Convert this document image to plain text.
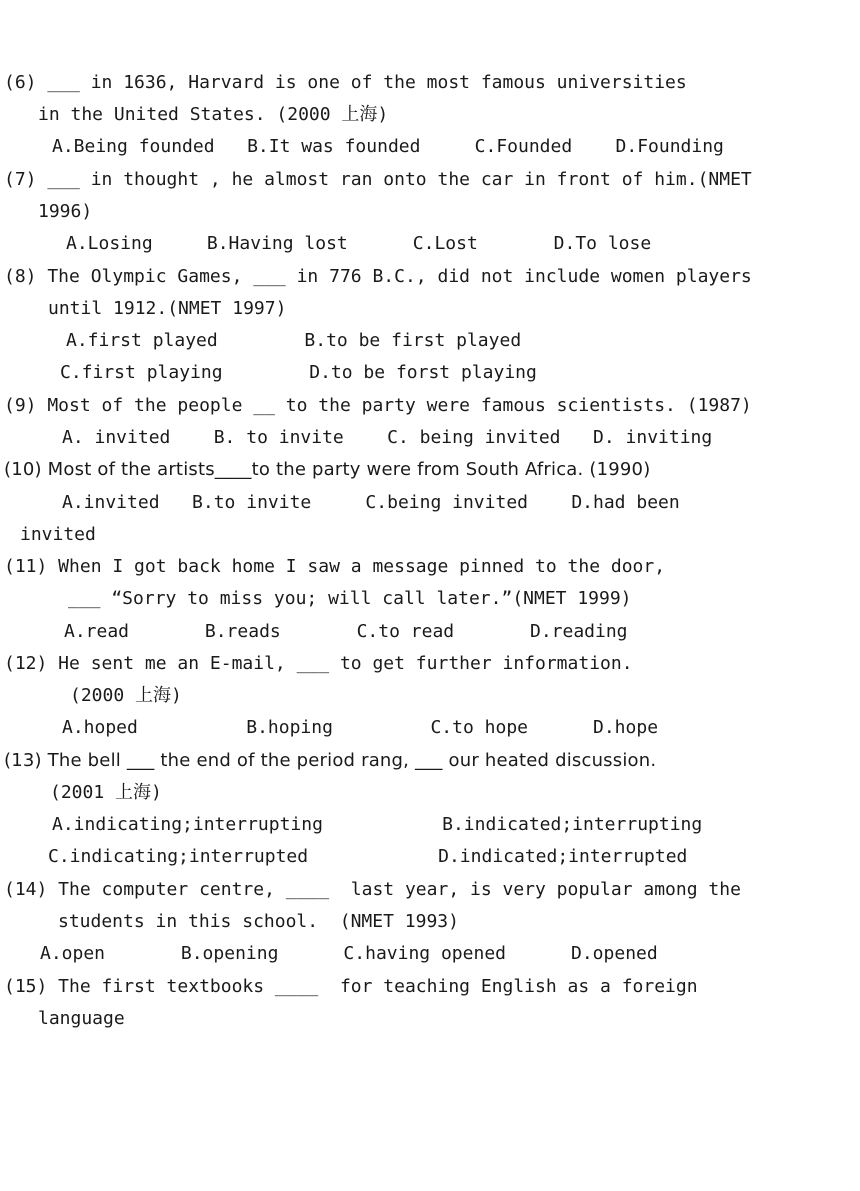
(6) ___ in 1636, Harvard is one of the most famous universities
in the United States. (2000 上海)
A.Being founded   B.It was founded     C.Founded    D.Founding
(7) ___ in thought , he almost ran onto the car in front of him.(NMET
1996)
A.Losing     B.Having lost      C.Lost       D.To lose
(8) The Olympic Games, ___ in 776 B.C., did not include women players
until 1912.(NMET 1997)
A.first played        B.to be first played
C.first playing        D.to be forst playing
(9) Most of the people __ to the party were famous scientists. (1987)
A. invited    B. to invite    C. being invited   D. inviting
(10) Most of the artists____to the party were from South Africa. (1990)
A.invited   B.to invite     C.being invited    D.had been
invited
(11) When I got back home I saw a message pinned to the door,
___ “Sorry to miss you; will call later.”(NMET 1999)
A.read       B.reads       C.to read       D.reading
(12) He sent me an E-mail, ___ to get further information.
(2000 上海)
A.hoped          B.hoping         C.to hope      D.hope
(13) The bell ___ the end of the period rang, ___ our heated discussion.
(2001 上海)
A.indicating;interrupting           B.indicated;interrupting
C.indicating;interrupted            D.indicated;interrupted
(14) The computer centre, ____  last year, is very popular among the
students in this school.  (NMET 1993)
A.open       B.opening      C.having opened      D.opened
(15) The first textbooks ____  for teaching English as a foreign
language
